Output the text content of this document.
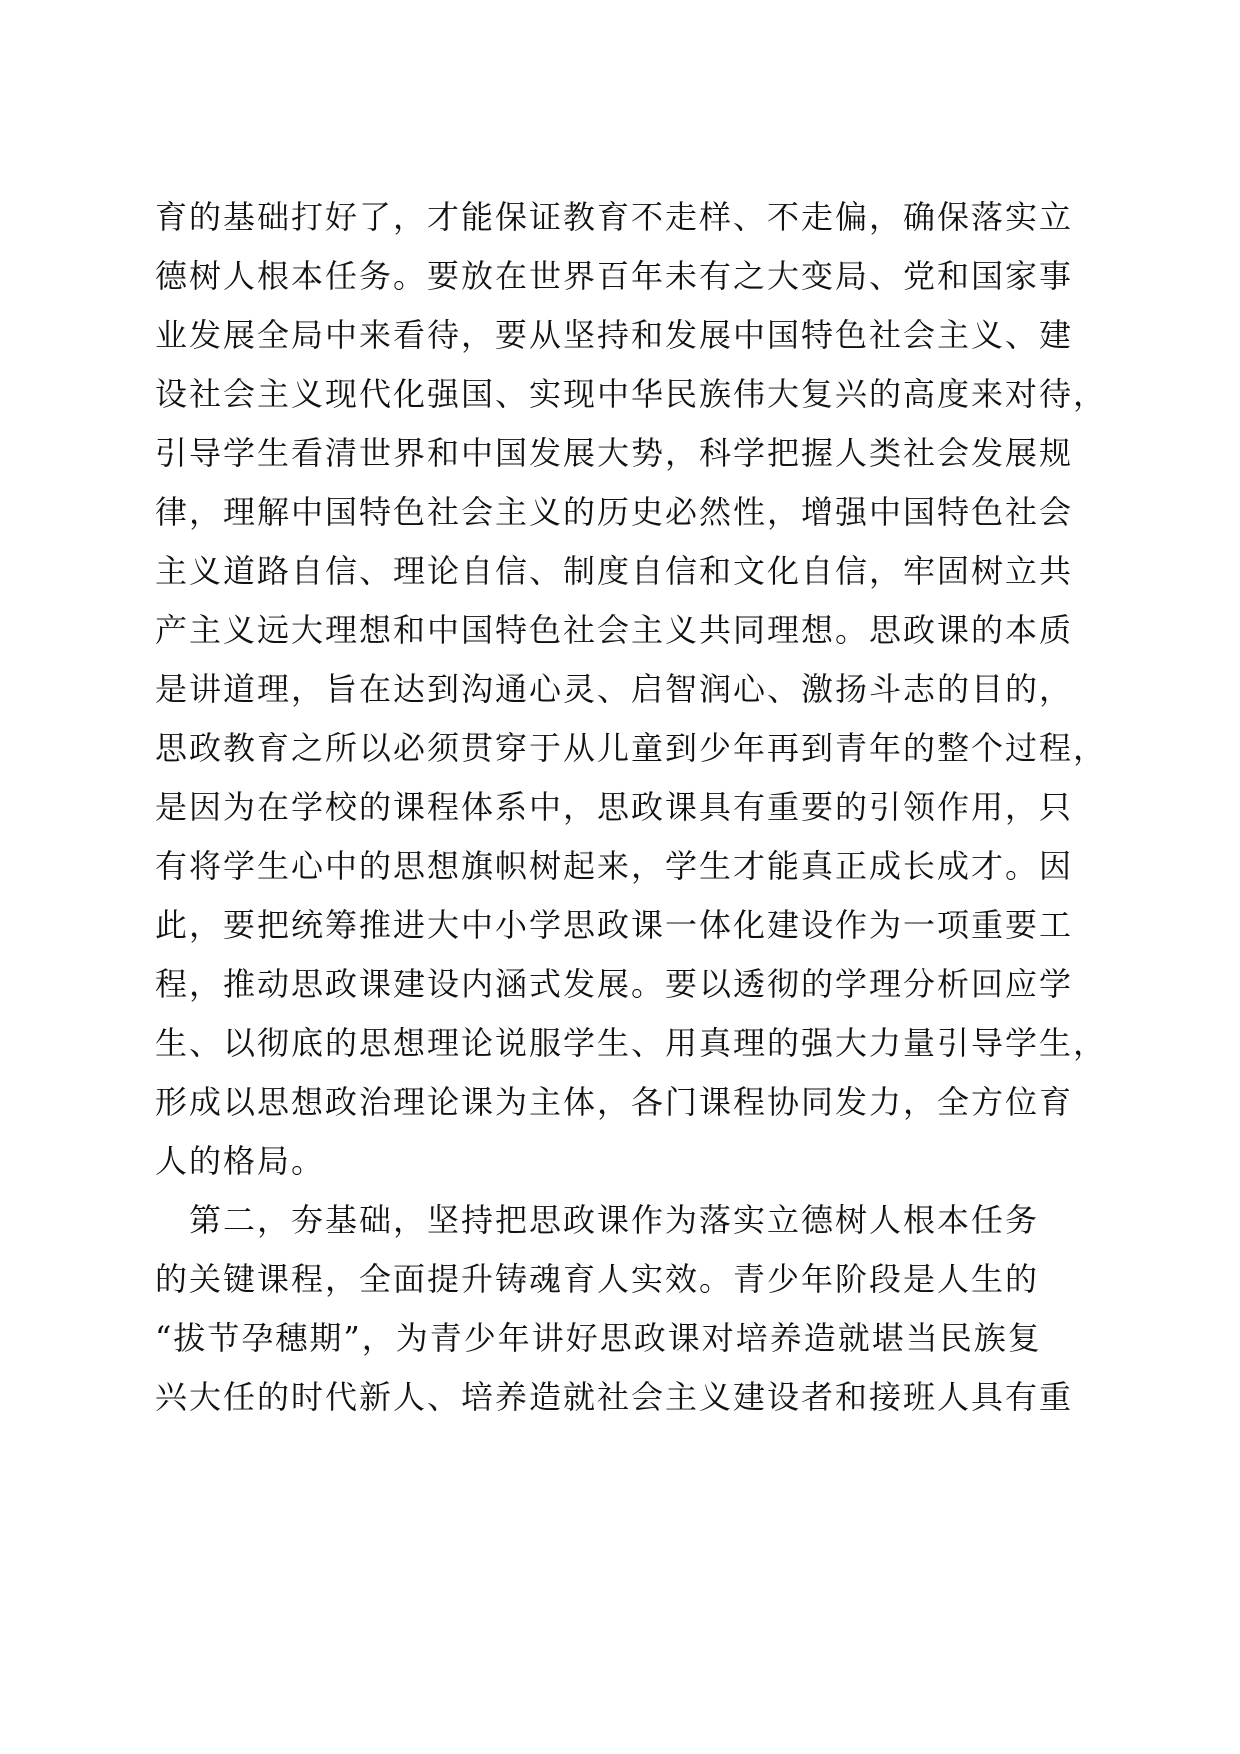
育的基础打好了，才能保证教育不走样、不走偏，确保落实立
德树人根本任务。要放在世界百年未有之大变局、党和国家事
业发展全局中来看待，要从坚持和发展中国特色社会主义、建
设社会主义现代化强国、实现中华民族伟大复兴的高度来对待，
引导学生看清世界和中国发展大势，科学把握人类社会发展规
律，理解中国特色社会主义的历史必然性，增强中国特色社会
主义道路自信、理论自信、制度自信和文化自信，牢固树立共
产主义远大理想和中国特色社会主义共同理想。思政课的本质
是讲道理，旨在达到沟通心灵、启智润心、激扬斗志的目的，
思政教育之所以必须贯穿于从儿童到少年再到青年的整个过程，
是因为在学校的课程体系中，思政课具有重要的引领作用，只
有将学生心中的思想旗帜树起来，学生才能真正成长成才。因
此，要把统筹推进大中小学思政课一体化建设作为一项重要工
程，推动思政课建设内涵式发展。要以透彻的学理分析回应学
生、以彻底的思想理论说服学生、用真理的强大力量引导学生，
形成以思想政治理论课为主体，各门课程协同发力，全方位育
人的格局。
　第二，夯基础，坚持把思政课作为落实立德树人根本任务
的关键课程，全面提升铸魂育人实效。青少年阶段是人生的
“拔节孕穗期”，为青少年讲好思政课对培养造就堪当民族复
兴大任的时代新人、培养造就社会主义建设者和接班人具有重
